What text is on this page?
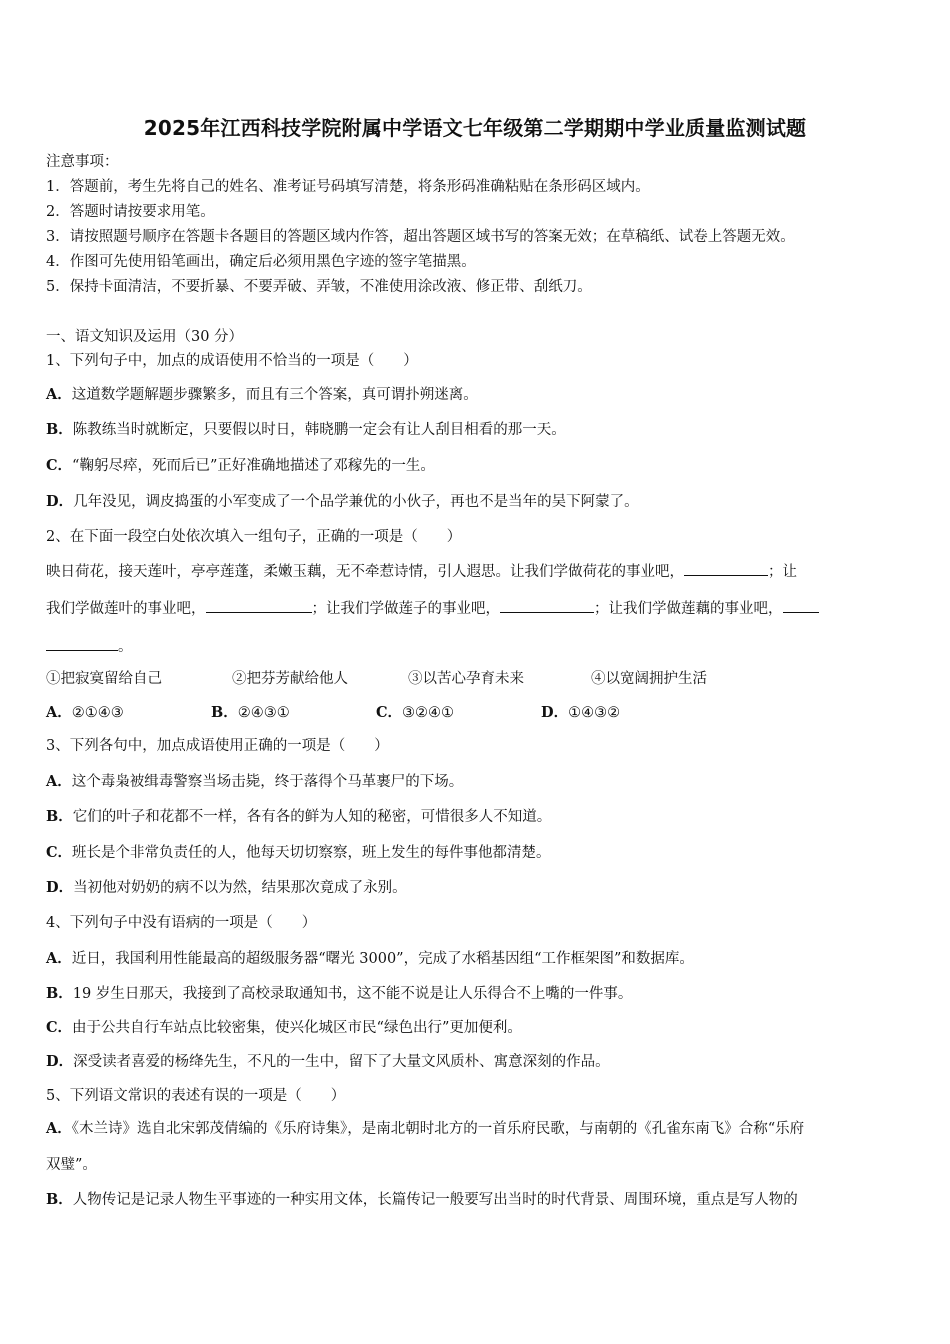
2025年江西科技学院附属中学语文七年级第二学期期中学业质量监测试题
注意事项：
1．答题前，考生先将自己的姓名、准考证号码填写清楚，将条形码准确粘贴在条形码区域内。
2．答题时请按要求用笔。
3．请按照题号顺序在答题卡各题目的答题区域内作答，超出答题区域书写的答案无效；在草稿纸、试卷上答题无效。
4．作图可先使用铅笔画出，确定后必须用黑色字迹的签字笔描黑。
5．保持卡面清洁，不要折暴、不要弄破、弄皱，不准使用涂改液、修正带、刮纸刀。
一、语文知识及运用（30 分）
1、下列句子中，加点的成语使用不恰当的一项是（　　）
A．这道数学题解题步骤繁多，而且有三个答案，真可谓扑朔迷离。
B．陈教练当时就断定，只要假以时日，韩晓鹏一定会有让人刮目相看的那一天。
C．“鞠躬尽瘁，死而后已”正好准确地描述了邓稼先的一生。
D．几年没见，调皮捣蛋的小军变成了一个品学兼优的小伙子，再也不是当年的吴下阿蒙了。
2、在下面一段空白处依次填入一组句子，正确的一项是（　　）
映日荷花，接天莲叶，亭亭莲蓬，柔嫩玉藕，无不牵惹诗情，引人遐思。让我们学做荷花的事业吧，	；让
我们学做莲叶的事业吧，	；让我们学做莲子的事业吧，	；让我们学做莲藕的事业吧，
。
①把寂寞留给自己	②把芬芳献给他人	③以苦心孕育未来	④以宽阔拥护生活
A．②①④③	B．②④③①	C．③②④①	D．①④③②
3、下列各句中，加点成语使用正确的一项是（　　）
A．这个毒枭被缉毒警察当场击毙，终于落得个马革裹尸的下场。
B．它们的叶子和花都不一样，各有各的鲜为人知的秘密，可惜很多人不知道。
C．班长是个非常负责任的人，他每天切切察察，班上发生的每件事他都清楚。
D．当初他对奶奶的病不以为然，结果那次竟成了永别。
4、下列句子中没有语病的一项是（　　）
A．近日，我国利用性能最高的超级服务器“曙光 3000”，完成了水稻基因组“工作框架图”和数据库。
B．19 岁生日那天，我接到了高校录取通知书，这不能不说是让人乐得合不上嘴的一件事。
C．由于公共自行车站点比较密集，使兴化城区市民“绿色出行”更加便利。
D．深受读者喜爱的杨绛先生，不凡的一生中，留下了大量文风质朴、寓意深刻的作品。
5、下列语文常识的表述有误的一项是（　　）
A．《木兰诗》选自北宋郭茂倩编的《乐府诗集》，是南北朝时北方的一首乐府民歌，与南朝的《孔雀东南飞》合称“乐府
双璧”。
B．人物传记是记录人物生平事迹的一种实用文体，长篇传记一般要写出当时的时代背景、周围环境，重点是写人物的
